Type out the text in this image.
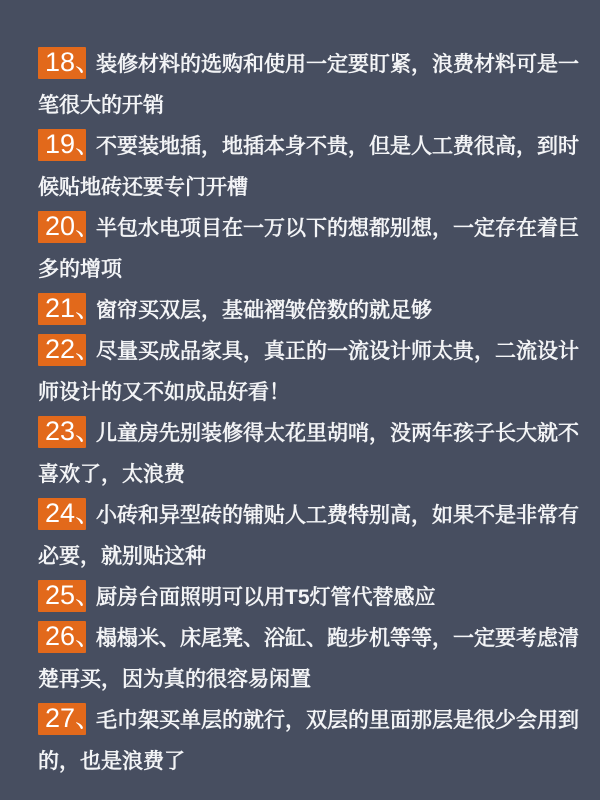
18、装修材料的选购和使用一定要盯紧，浪费材料可是一笔很大的开销

19、不要装地插，地插本身不贵，但是人工费很高，到时候贴地砖还要专门开槽

20、半包水电项目在一万以下的想都别想，一定存在着巨多的增项

21、窗帘买双层，基础褶皱倍数的就足够

22、尽量买成品家具，真正的一流设计师太贵，二流设计师设计的又不如成品好看！

23、儿童房先别装修得太花里胡哨，没两年孩子长大就不喜欢了，太浪费

24、小砖和异型砖的铺贴人工费特别高，如果不是非常有必要，就别贴这种

25、厨房台面照明可以用T5灯管代替感应

26、榻榻米、床尾凳、浴缸、跑步机等等，一定要考虑清楚再买，因为真的很容易闲置

27、毛巾架买单层的就行，双层的里面那层是很少会用到的，也是浪费了
